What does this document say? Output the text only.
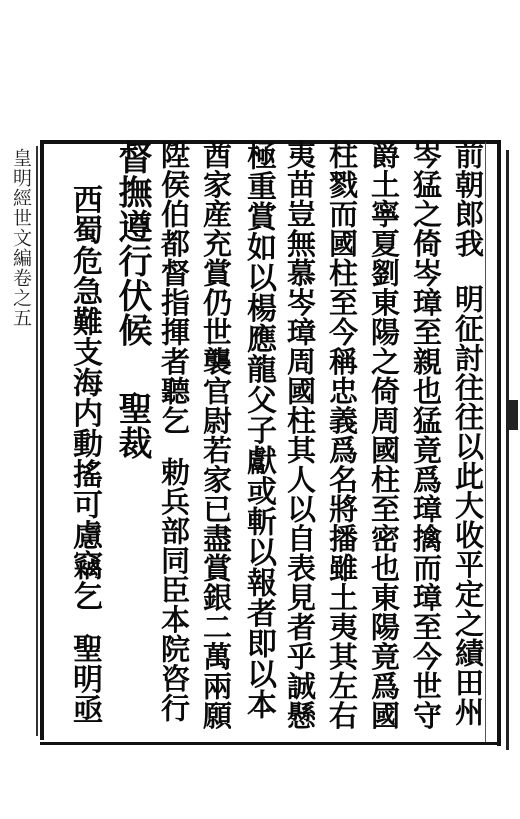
皇明經世文編卷之五	前朝郎我明征討往往以此大收平定之績田州
岑猛之倚岑璋至親也猛竟爲璋擒而璋至今世守
爵土寧夏劉東陽之倚周國柱至密也東陽竟爲國
柱戮而國柱至今稱忠義爲名將播雖土夷其左右
夷苗豈無慕岑璋周國柱其人以自表見者乎誠懸
極重賞如以楊應龍父子獻或斬以報者即以本
酋家産充賞仍世襲官尉若家已盡賞銀二萬兩願
陞侯伯都督指揮者聽乞勅兵部同臣本院咨行
督撫遵行伏候聖裁
西蜀危急難支海内動搖可慮竊乞聖明亟
